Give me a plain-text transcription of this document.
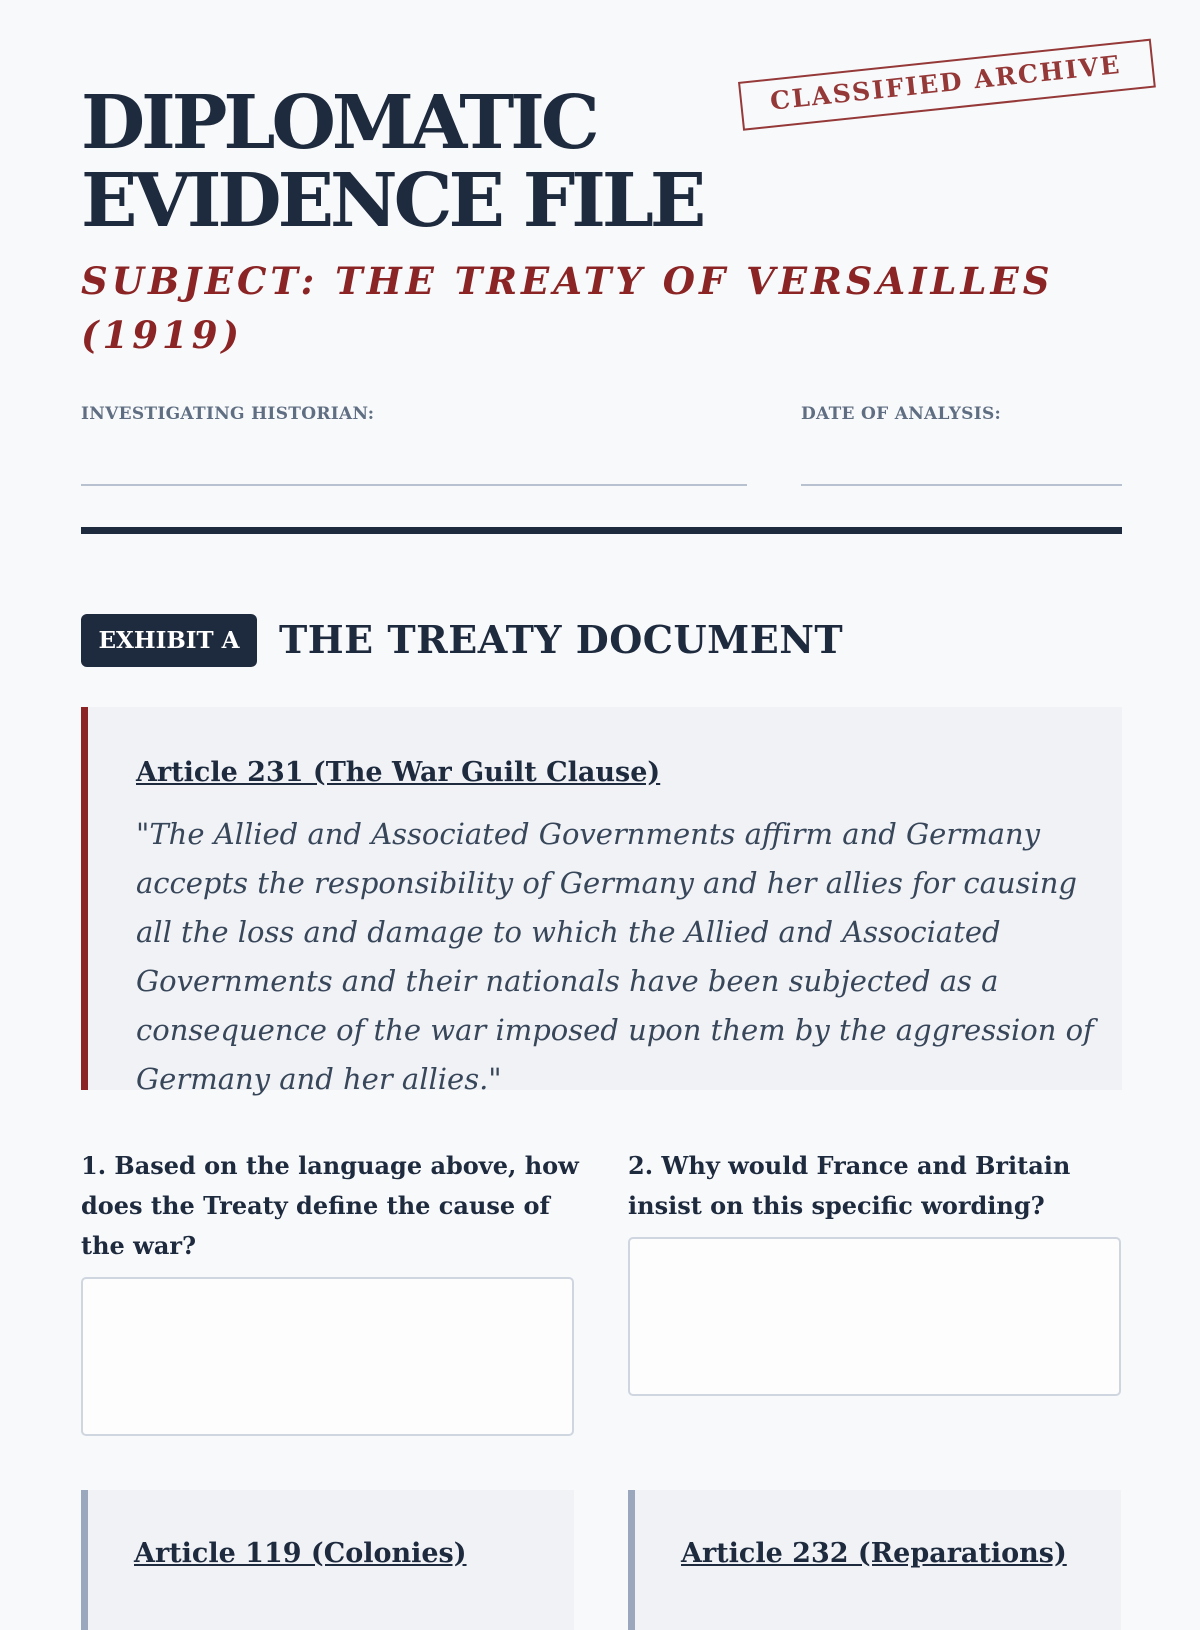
DIPLOMATIC EVIDENCE FILE
CLASSIFIED ARCHIVE
SUBJECT: THE TREATY OF VERSAILLES (1919)
INVESTIGATING HISTORIAN:	DATE OF ANALYSIS:
EXHIBIT A	THE TREATY DOCUMENT
Article 231 (The War Guilt Clause)

"The Allied and Associated Governments affirm and Germany accepts the responsibility of Germany and her allies for causing all the loss and damage to which the Allied and Associated Governments and their nationals have been subjected as a consequence of the war imposed upon them by the aggression of Germany and her allies."

1. Based on the language above, how does the Treaty define the cause of the war?

2. Why would France and Britain insist on this specific wording?

Article 119 (Colonies)	Article 232 (Reparations)
